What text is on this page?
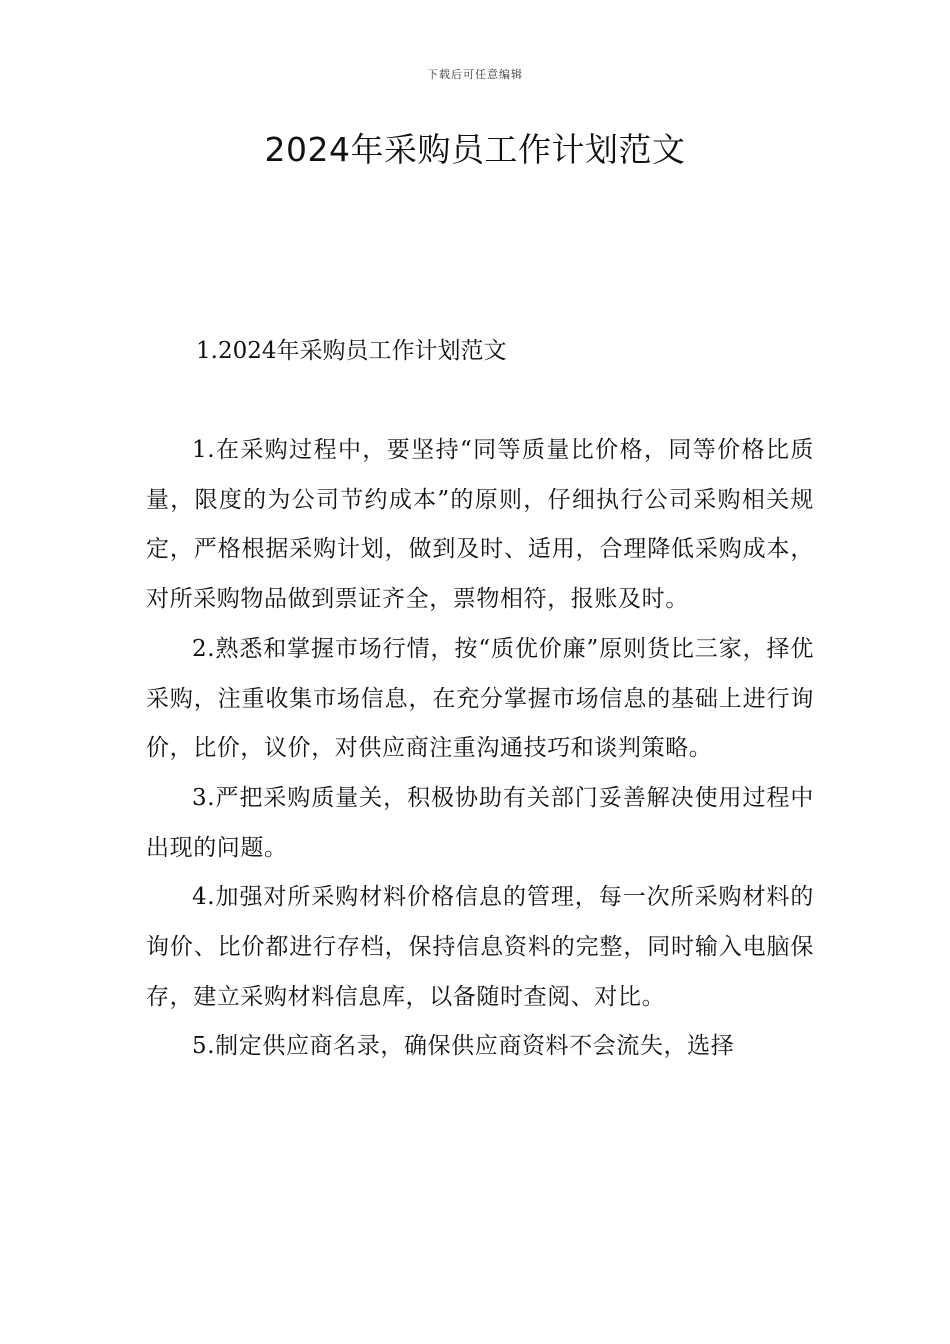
下载后可任意编辑
2024年采购员工作计划范文
1.2024年采购员工作计划范文

1.在采购过程中，要坚持“同等质量比价格，同等价格比质量，限度的为公司节约成本”的原则，仔细执行公司采购相关规定，严格根据采购计划，做到及时、适用，合理降低采购成本，对所采购物品做到票证齐全，票物相符，报账及时。

2.熟悉和掌握市场行情，按“质优价廉”原则货比三家，择优采购，注重收集市场信息，在充分掌握市场信息的基础上进行询价，比价，议价，对供应商注重沟通技巧和谈判策略。

3.严把采购质量关，积极协助有关部门妥善解决使用过程中出现的问题。

4.加强对所采购材料价格信息的管理，每一次所采购材料的询价、比价都进行存档，保持信息资料的完整，同时输入电脑保存，建立采购材料信息库，以备随时查阅、对比。

5.制定供应商名录，确保供应商资料不会流失，选择
